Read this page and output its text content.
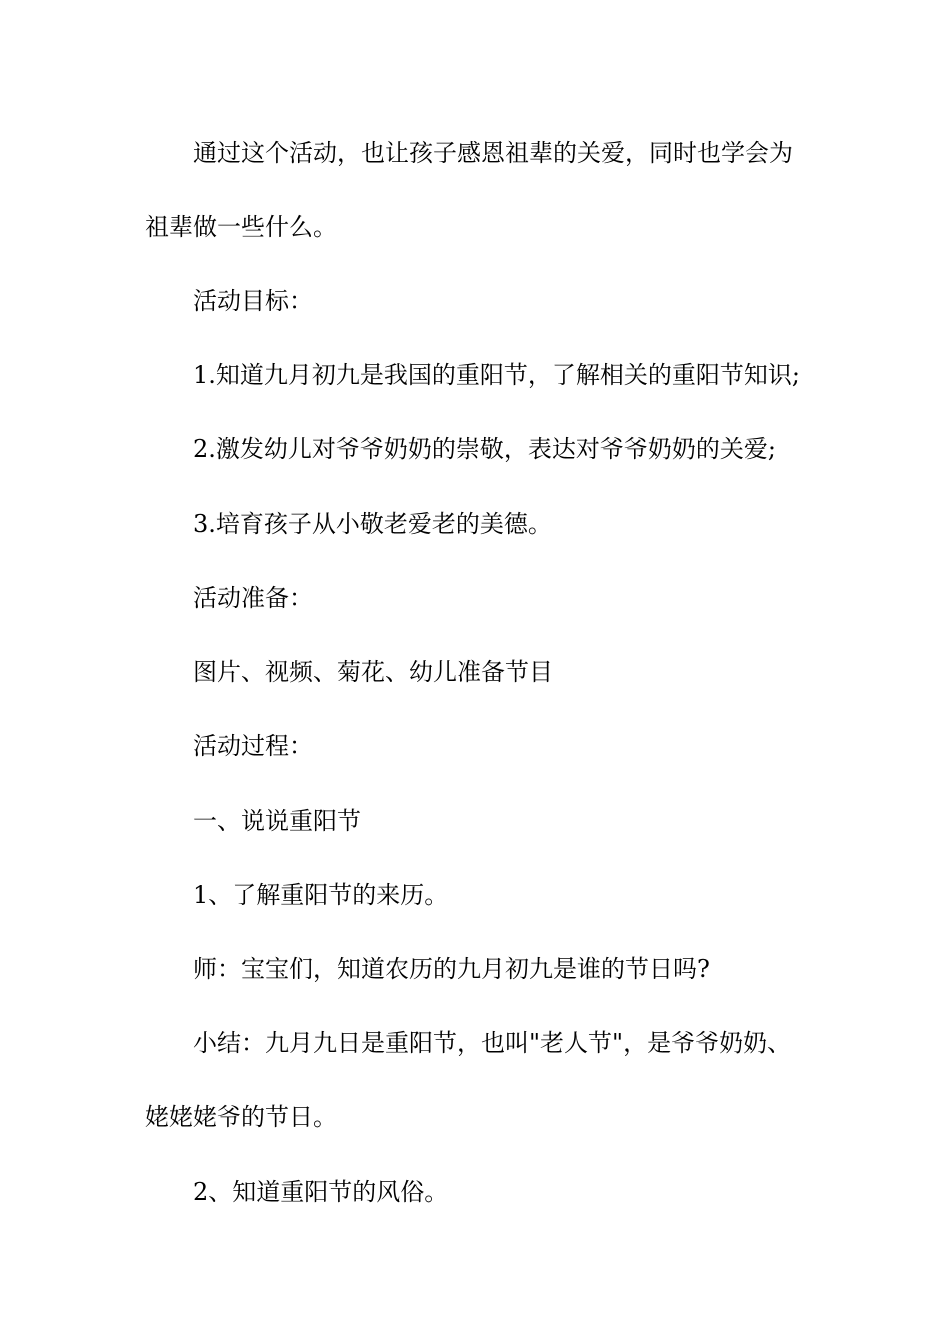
通过这个活动，也让孩子感恩祖辈的关爱，同时也学会为
祖辈做一些什么。
活动目标：
1.知道九月初九是我国的重阳节，了解相关的重阳节知识;
2.激发幼儿对爷爷奶奶的崇敬，表达对爷爷奶奶的关爱;
3.培育孩子从小敬老爱老的美德。
活动准备：
图片、视频、菊花、幼儿准备节目
活动过程：
一、说说重阳节
1、了解重阳节的来历。
师：宝宝们，知道农历的九月初九是谁的节日吗?
小结：九月九日是重阳节，也叫"老人节"，是爷爷奶奶、
姥姥姥爷的节日。
2、知道重阳节的风俗。
